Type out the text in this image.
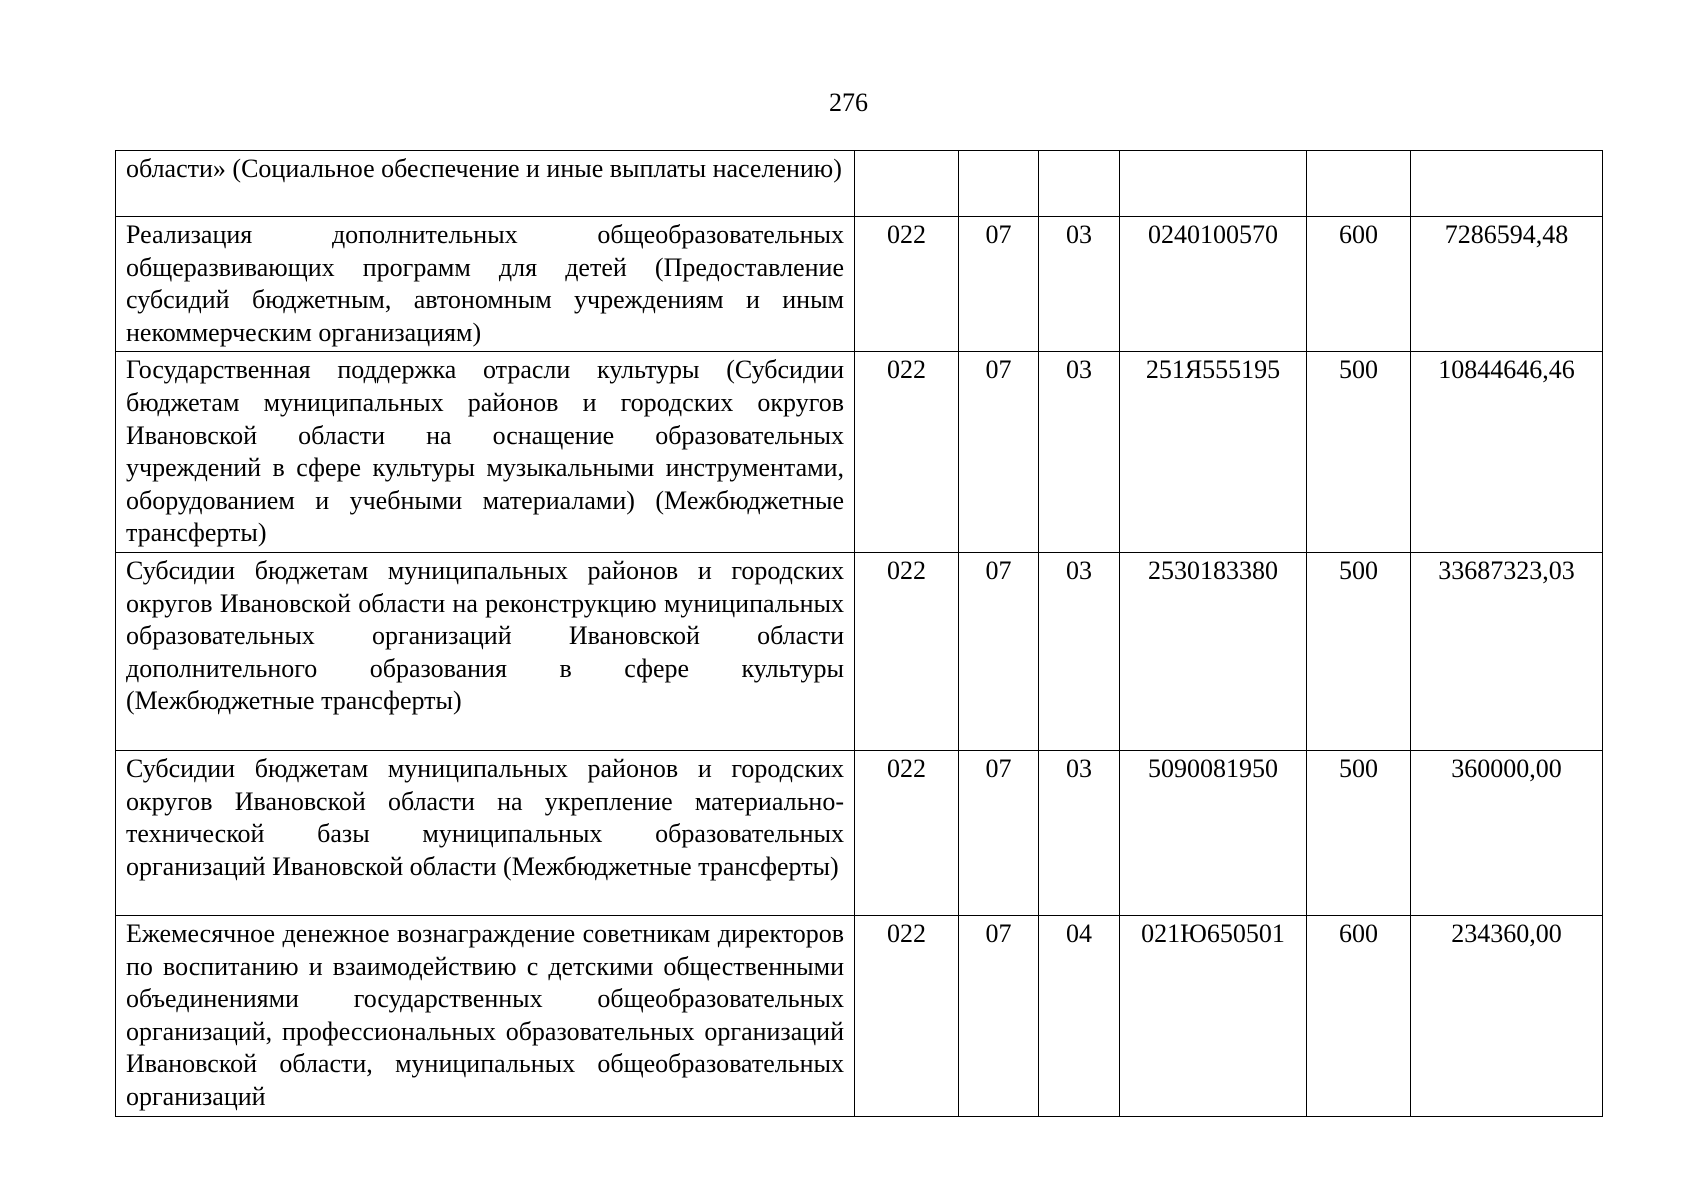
276
области» (Социальное обеспечение и иные выплаты населению)						
Реализация дополнительных общеобразовательных общеразвивающих программ для детей (Предоставление субсидий бюджетным, автономным учреждениям и иным некоммерческим организациям)	022	07	03	0240100570	600	7286594,48
Государственная поддержка отрасли культуры (Субсидии бюджетам муниципальных районов и городских округов Ивановской области на оснащение образовательных учреждений в сфере культуры музыкальными инструментами, оборудованием и учебными материалами) (Межбюджетные трансферты)	022	07	03	251Я555195	500	10844646,46
Субсидии бюджетам муниципальных районов и городских округов Ивановской области на реконструкцию муниципальных образовательных организаций Ивановской области дополнительного образования в сфере культуры (Межбюджетные трансферты)	022	07	03	2530183380	500	33687323,03
Субсидии бюджетам муниципальных районов и городских округов Ивановской области на укрепление материально-технической базы муниципальных образовательных организаций Ивановской области (Межбюджетные трансферты)	022	07	03	5090081950	500	360000,00
Ежемесячное денежное вознаграждение советникам директоров по воспитанию и взаимодействию с детскими общественными объединениями государственных общеобразовательных организаций, профессиональных образовательных организаций Ивановской области, муниципальных общеобразовательных организаций	022	07	04	021Ю650501	600	234360,00
